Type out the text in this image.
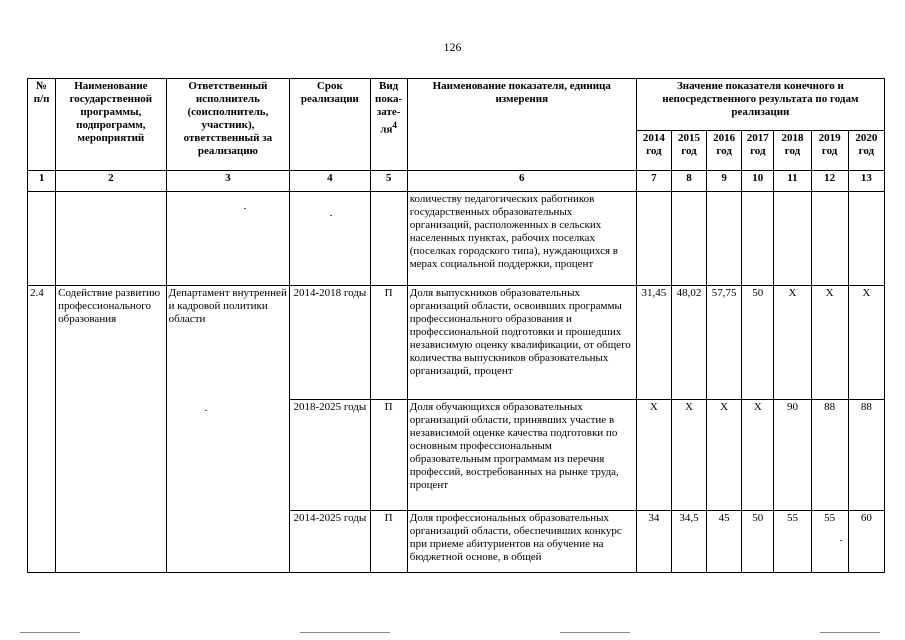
126
№ п/п	Наименование государственной программы, подпрограмм, мероприятий	Ответственный исполнитель (соисполнитель, участник), ответственный за реализацию	Срок реализации	Вид пока-$зате-ля^4$	Наименование показателя, единица измерения	Значение показателя конечного и непосредственного результата по годам реализации						
						2014 год	2015 год	2016 год	2017 год	2018 год	2019 год	2020 год
1	2	3	4	5	6	7	8	9	10	11	12	13
					количеству педагогических работников государственных образовательных организаций, расположенных в сельских населенных пунктах, рабочих поселках (поселках городского типа), нуждающихся в мерах социальной поддержки, процент							
2.4	Содействие развитию профессионального образования	Департамент внутренней и кадровой политики области	2014-2018 годы	П	Доля выпускников образовательных организаций области, освоивших программы профессионального образования и профессиональной подготовки и прошедших независимую оценку квалификации, от общего количества выпускников образовательных организаций, процент	31,45	48,02	57,75	50	Х	Х	Х
			2018-2025 годы	П	Доля обучающихся образовательных организаций области, принявших участие в независимой оценке качества подготовки по основным профессиональным образовательным программам из перечня профессий, востребованных на рынке труда, процент	Х	Х	Х	Х	90	88	88
			2014-2025 годы	П	Доля профессиональных образовательных организаций области, обеспечивших конкурс при приеме абитуриентов на обучение на бюджетной основе, в общей	34	34,5	45	50	55	55	60
